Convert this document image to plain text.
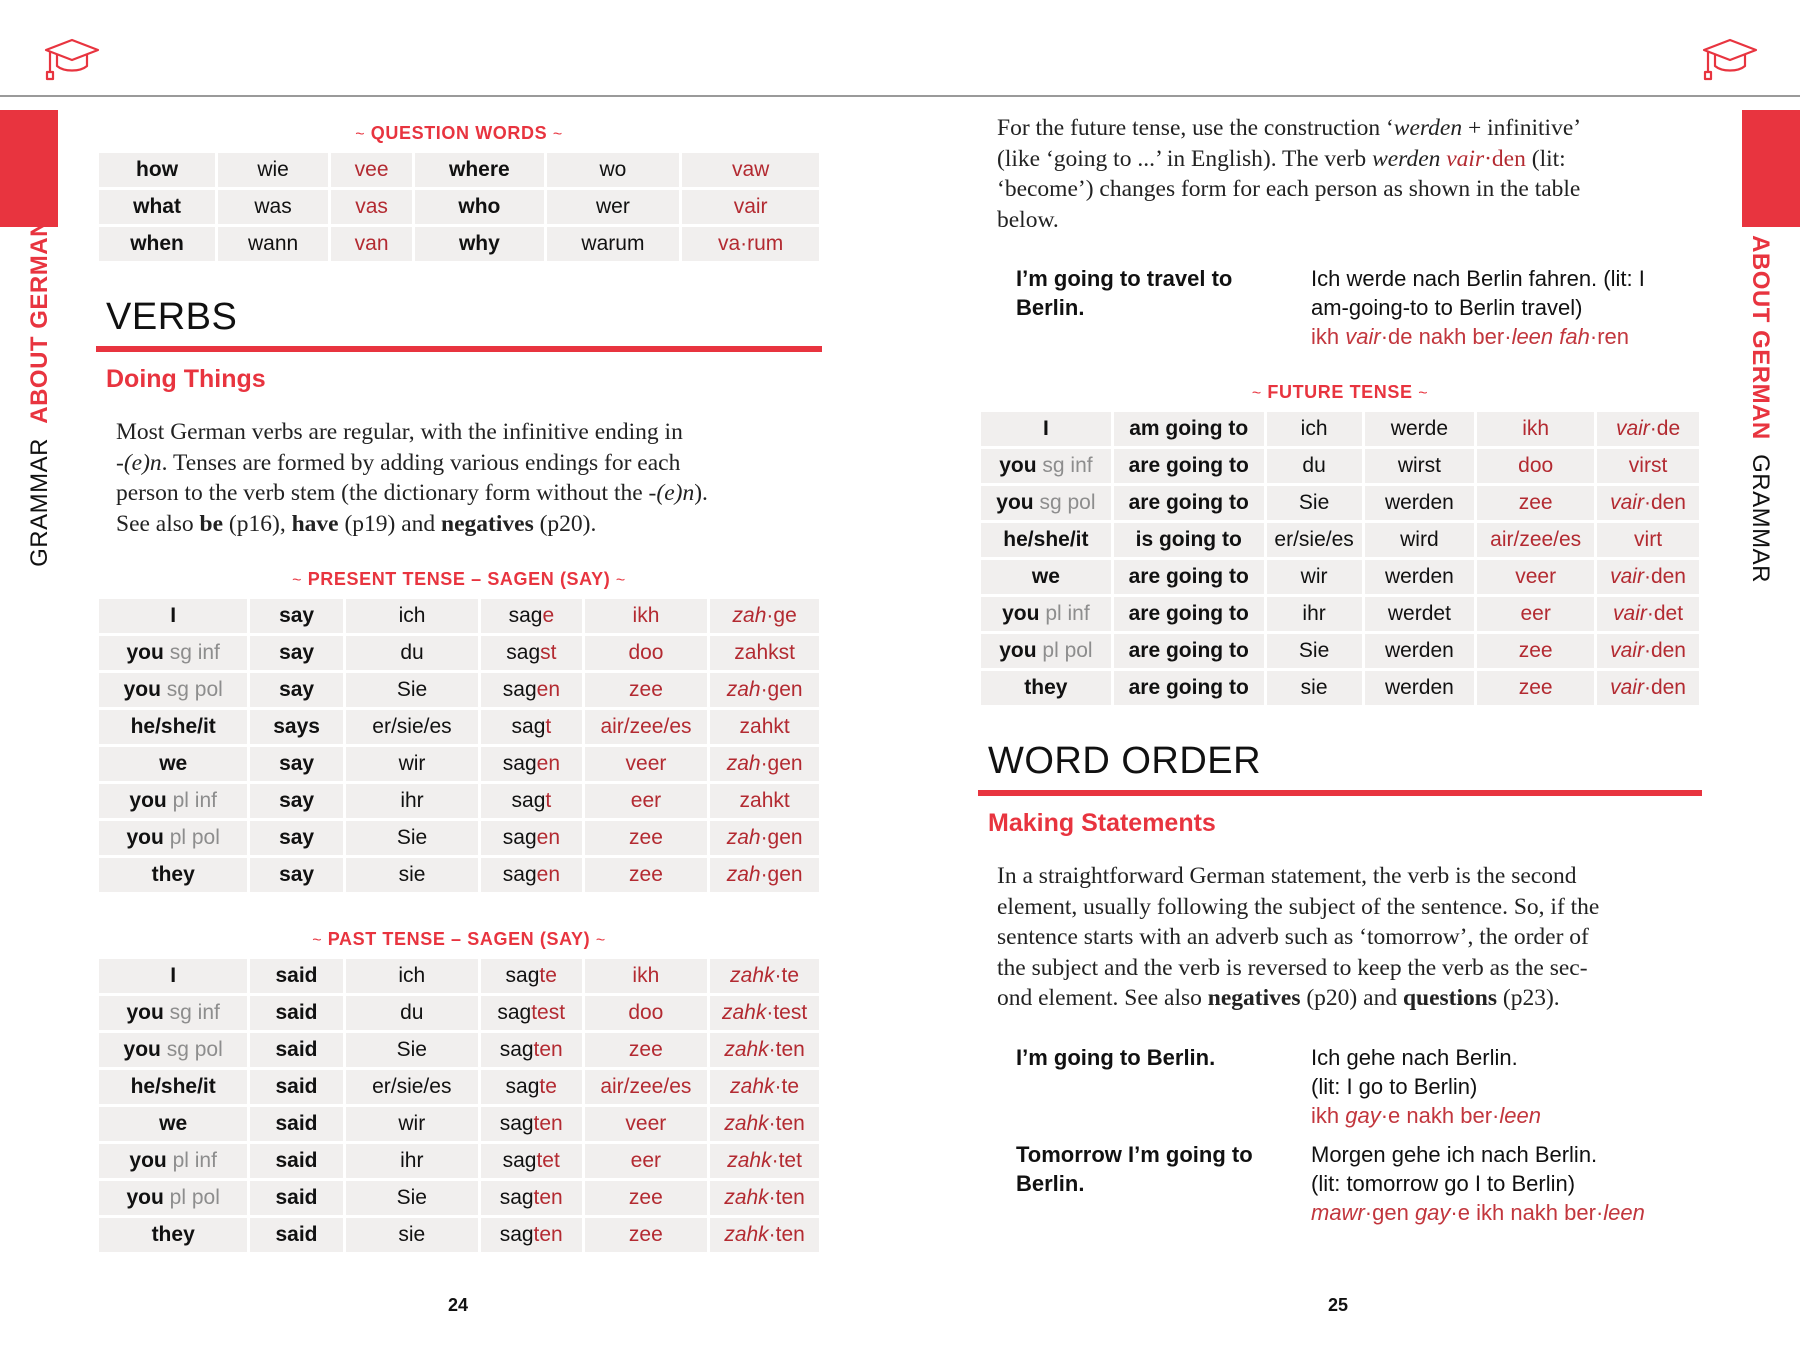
GRAMMAR  ABOUT GERMAN	ABOUT GERMAN  GRAMMAR
~ QUESTION WORDS ~
how	wie	vee	where	wo	vaw
what	was	vas	who	wer	vair
when	wann	van	why	warum	va·rum
VERBS
Doing Things
Most German verbs are regular, with the infinitive ending in
-(e)n. Tenses are formed by adding various endings for each
person to the verb stem (the dictionary form without the -(e)n).
See also be (p16), have (p19) and negatives (p20).
~ PRESENT TENSE – SAGEN (SAY) ~
I	say	ich	sage	ikh	zah·ge
you sg inf	say	du	sagst	doo	zahkst
you sg pol	say	Sie	sagen	zee	zah·gen
he/she/it	says	er/sie/es	sagt	air/zee/es	zahkt
we	say	wir	sagen	veer	zah·gen
you pl inf	say	ihr	sagt	eer	zahkt
you pl pol	say	Sie	sagen	zee	zah·gen
they	say	sie	sagen	zee	zah·gen
~ PAST TENSE – SAGEN (SAY) ~
I	said	ich	sagte	ikh	zahk·te
you sg inf	said	du	sagtest	doo	zahk·test
you sg pol	said	Sie	sagten	zee	zahk·ten
he/she/it	said	er/sie/es	sagte	air/zee/es	zahk·te
we	said	wir	sagten	veer	zahk·ten
you pl inf	said	ihr	sagtet	eer	zahk·tet
you pl pol	said	Sie	sagten	zee	zahk·ten
they	said	sie	sagten	zee	zahk·ten
24
For the future tense, use the construction ‘werden + infinitive’
(like ‘going to ...’ in English). The verb werden vair·den (lit:
‘become’) changes form for each person as shown in the table
below.
I’m going to travel to Berlin.
Ich werde nach Berlin fahren. (lit: I
am-going-to to Berlin travel)
ikh vair·de nakh ber·leen fah·ren
~ FUTURE TENSE ~
I	am going to	ich	werde	ikh	vair·de
you sg inf	are going to	du	wirst	doo	virst
you sg pol	are going to	Sie	werden	zee	vair·den
he/she/it	is going to	er/sie/es	wird	air/zee/es	virt
we	are going to	wir	werden	veer	vair·den
you pl inf	are going to	ihr	werdet	eer	vair·det
you pl pol	are going to	Sie	werden	zee	vair·den
they	are going to	sie	werden	zee	vair·den
WORD ORDER
Making Statements
In a straightforward German statement, the verb is the second
element, usually following the subject of the sentence. So, if the
sentence starts with an adverb such as ‘tomorrow’, the order of
the subject and the verb is reversed to keep the verb as the sec-
ond element. See also negatives (p20) and questions (p23).
I’m going to Berlin.	Ich gehe nach Berlin.
(lit: I go to Berlin)
ikh gay·e nakh ber·leen
Tomorrow I’m going to Berlin.
Morgen gehe ich nach Berlin.
(lit: tomorrow go I to Berlin)
mawr·gen gay·e ikh nakh ber·leen
25
